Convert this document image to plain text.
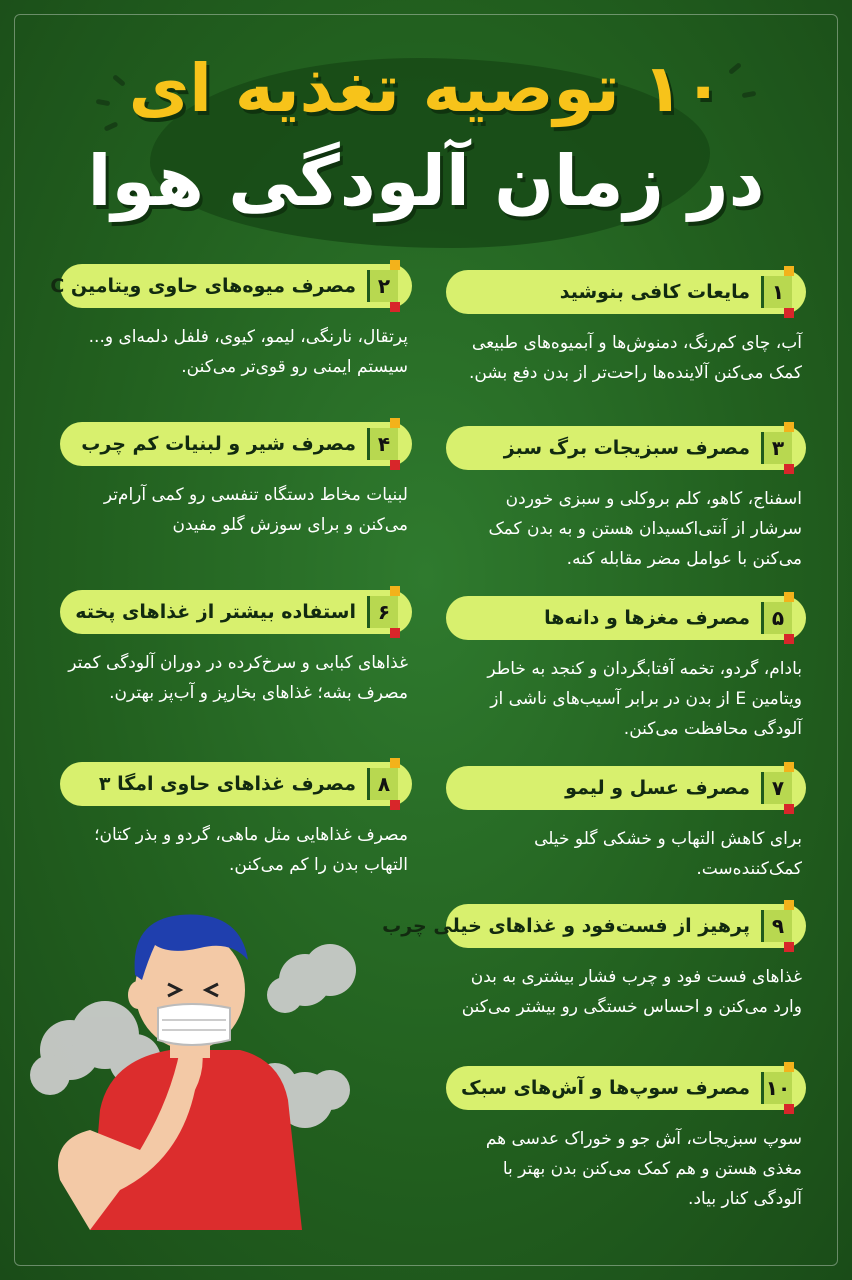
۱۰ توصیه تغذیه ای
در زمان آلودگی هوا
۱
مایعات کافی بنوشید
آب، چای کم‌رنگ، دمنوش‌ها و آبمیوه‌های طبیعی کمک می‌کنن آلاینده‌ها راحت‌تر از بدن دفع بشن.
۳
مصرف سبزیجات برگ سبز
اسفناج، کاهو، کلم بروکلی و سبزی خوردن سرشار از آنتی‌اکسیدان هستن و به بدن کمک می‌کنن با عوامل مضر مقابله کنه.
۵
مصرف مغزها و دانه‌ها
بادام، گردو، تخمه آفتابگردان و کنجد به خاطر ویتامین E از بدن در برابر آسیب‌های ناشی از آلودگی محافظت می‌کنن.
۷
مصرف عسل و لیمو
برای کاهش التهاب و خشکی گلو خیلی کمک‌کننده‌ست.
۹
پرهیز از فست‌فود و غذاهای خیلی چرب
غذاهای فست فود و چرب فشار بیشتری به بدن وارد می‌کنن و احساس خستگی رو بیشتر می‌کنن
۱۰
مصرف سوپ‌ها و آش‌های سبک
سوپ سبزیجات، آش جو و خوراک عدسی هم مغذی هستن و هم کمک می‌کنن بدن بهتر با آلودگی کنار بیاد.
۲
مصرف میوه‌های حاوی ویتامین C
پرتقال، نارنگی، لیمو، کیوی، فلفل دلمه‌ای و... سیستم ایمنی رو قوی‌تر می‌کنن.
۴
مصرف شیر و لبنیات کم چرب
لبنیات مخاط دستگاه تنفسی رو کمی آرام‌تر می‌کنن و برای سوزش گلو مفیدن
۶
استفاده بیشتر از غذاهای پخته
غذاهای کبابی و سرخ‌کرده در دوران آلودگی کمتر مصرف بشه؛ غذاهای بخارپز و آب‌پز بهترن.
۸
مصرف غذاهای حاوی امگا ۳
مصرف غذاهایی مثل ماهی، گردو و بذر کتان؛ التهاب بدن را کم می‌کنن.
